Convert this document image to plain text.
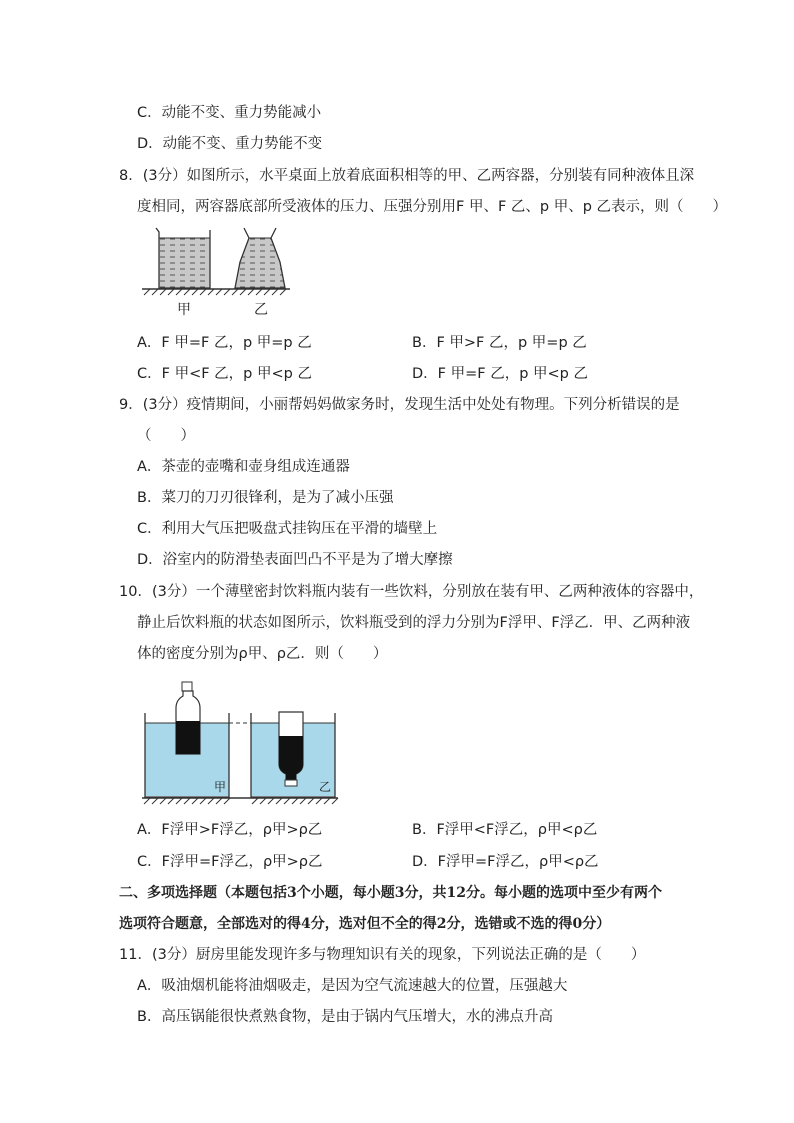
C．动能不变、重力势能减小
D．动能不变、重力势能不变
8．(3分）如图所示，水平桌面上放着底面积相等的甲、乙两容器，分别装有同种液体且深
度相同，两容器底部所受液体的压力、压强分别用F 甲、F 乙、p 甲、p 乙表示，则（　　）
甲	乙
A．F 甲=F 乙，p 甲=p 乙	B．F 甲>F 乙，p 甲=p 乙
C．F 甲<F 乙，p 甲<p 乙	D．F 甲=F 乙，p 甲<p 乙
9．(3分）疫情期间，小丽帮妈妈做家务时，发现生活中处处有物理。下列分析错误的是
（　　）
A．茶壶的壶嘴和壶身组成连通器
B．菜刀的刀刃很锋利，是为了减小压强
C．利用大气压把吸盘式挂钩压在平滑的墙壁上
D．浴室内的防滑垫表面凹凸不平是为了增大摩擦
10．(3分）一个薄壁密封饮料瓶内装有一些饮料，分别放在装有甲、乙两种液体的容器中，
静止后饮料瓶的状态如图所示，饮料瓶受到的浮力分别为F浮甲、F浮乙．甲、乙两种液
体的密度分别为ρ甲、ρ乙．则（　　）
甲	乙
A．F浮甲>F浮乙，ρ甲>ρ乙	B．F浮甲<F浮乙，ρ甲<ρ乙
C．F浮甲=F浮乙，ρ甲>ρ乙	D．F浮甲=F浮乙，ρ甲<ρ乙
二、多项选择题（本题包括3个小题，每小题3分，共12分。每小题的选项中至少有两个
选项符合题意，全部选对的得4分，选对但不全的得2分，选错或不选的得0分）
11．(3分）厨房里能发现许多与物理知识有关的现象，下列说法正确的是（　　）
A．吸油烟机能将油烟吸走，是因为空气流速越大的位置，压强越大
B．高压锅能很快煮熟食物，是由于锅内气压增大，水的沸点升高
